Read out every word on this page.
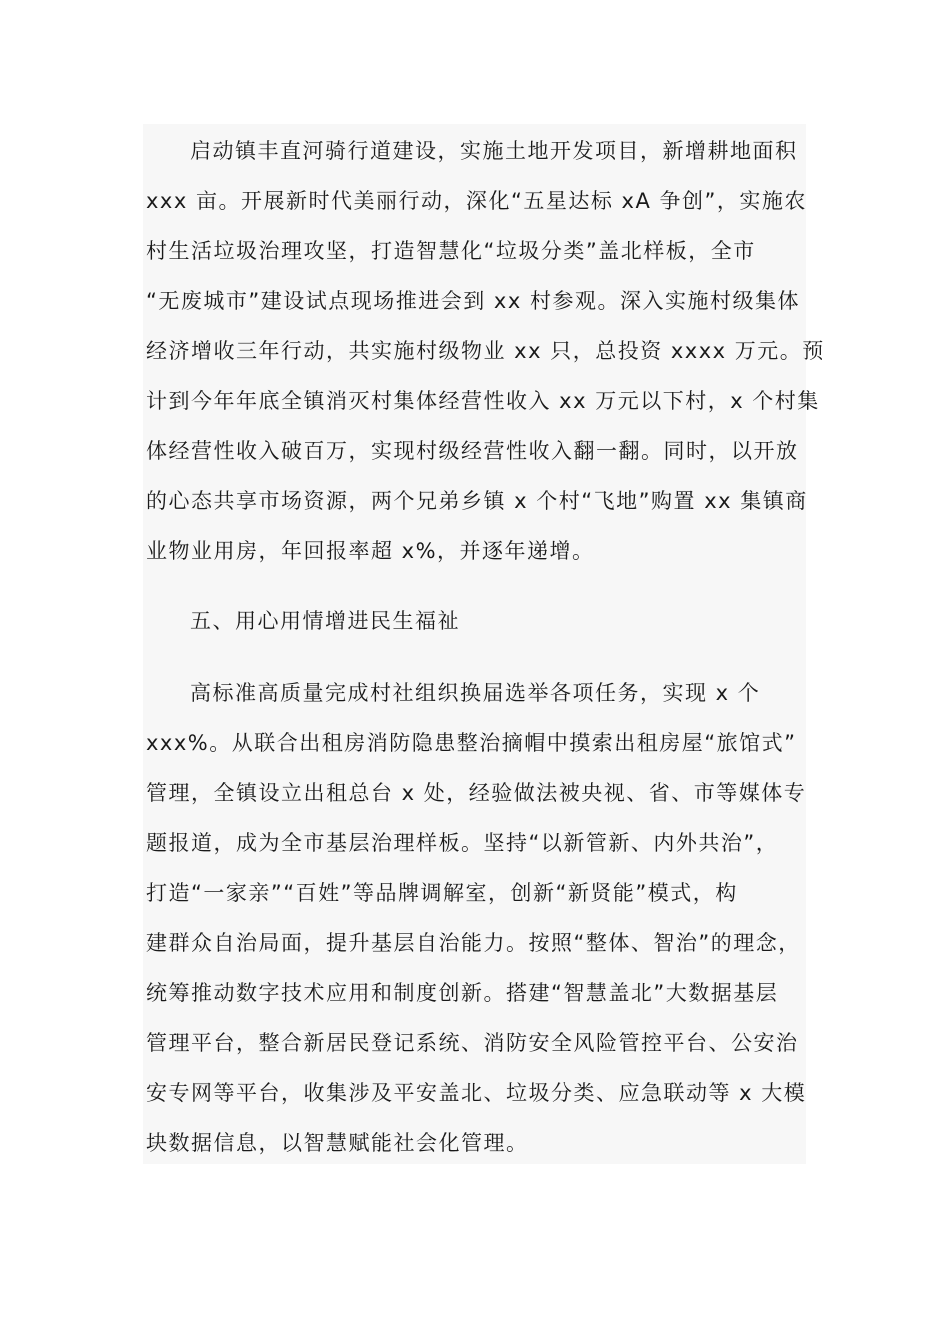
启动镇丰直河骑行道建设，实施土地开发项目，新增耕地面积
xxx 亩。开展新时代美丽行动，深化“五星达标 xA 争创”，实施农
村生活垃圾治理攻坚，打造智慧化“垃圾分类”盖北样板，全市
“无废城市”建设试点现场推进会到 xx 村参观。深入实施村级集体
经济增收三年行动，共实施村级物业 xx 只，总投资 xxxx 万元。预
计到今年年底全镇消灭村集体经营性收入 xx 万元以下村，x 个村集
体经营性收入破百万，实现村级经营性收入翻一翻。同时，以开放
的心态共享市场资源，两个兄弟乡镇 x 个村“飞地”购置 xx 集镇商
业物业用房，年回报率超 x%，并逐年递增。
五、用心用情增进民生福祉
高标准高质量完成村社组织换届选举各项任务，实现 x 个
xxx%。从联合出租房消防隐患整治摘帽中摸索出租房屋“旅馆式”
管理，全镇设立出租总台 x 处，经验做法被央视、省、市等媒体专
题报道，成为全市基层治理样板。坚持“以新管新、内外共治”，
打造“一家亲”“百姓”等品牌调解室，创新“新贤能”模式，构
建群众自治局面，提升基层自治能力。按照“整体、智治”的理念，
统筹推动数字技术应用和制度创新。搭建“智慧盖北”大数据基层
管理平台，整合新居民登记系统、消防安全风险管控平台、公安治
安专网等平台，收集涉及平安盖北、垃圾分类、应急联动等 x 大模
块数据信息，以智慧赋能社会化管理。
